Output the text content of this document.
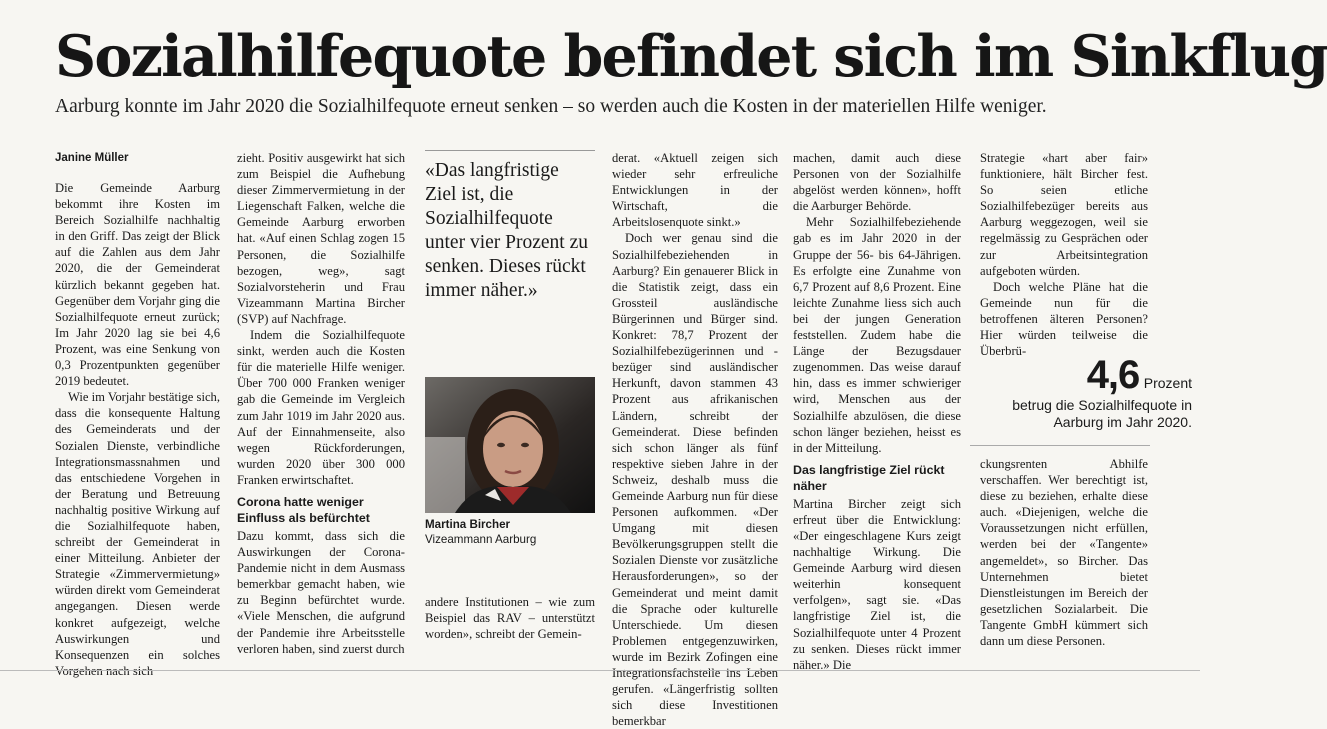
Sozialhilfequote befindet sich im Sinkflug
Aarburg konnte im Jahr 2020 die Sozialhilfequote erneut senken – so werden auch die Kosten in der materiellen Hilfe weniger.
Janine Müller

Die Gemeinde Aarburg bekommt ihre Kosten im Bereich Sozialhilfe nachhaltig in den Griff. Das zeigt der Blick auf die Zahlen aus dem Jahr 2020, die der Gemeinderat kürzlich bekannt gegeben hat. Gegenüber dem Vorjahr ging die Sozialhilfequote erneut zurück; Im Jahr 2020 lag sie bei 4,6 Prozent, was eine Senkung von 0,3 Prozentpunkten gegenüber 2019 bedeutet.

Wie im Vorjahr bestätige sich, dass die konsequente Haltung des Gemeinderats und der Sozialen Dienste, verbindliche Integrationsmassnahmen und das entschiedene Vorgehen in der Beratung und Betreuung nachhaltig positive Wirkung auf die Sozialhilfequote haben, schreibt der Gemeinderat in einer Mitteilung. Anbieter der Strategie «Zimmervermietung» würden direkt vom Gemeinderat angegangen. Diesen werde konkret aufgezeigt, welche Auswirkungen und Konsequenzen ein solches Vorgehen nach sich

zieht. Positiv ausgewirkt hat sich zum Beispiel die Aufhebung dieser Zimmervermietung in der Liegenschaft Falken, welche die Gemeinde Aarburg erworben hat. «Auf einen Schlag zogen 15 Personen, die Sozialhilfe bezogen, weg», sagt Sozialvorsteherin und Frau Vizeammann Martina Bircher (SVP) auf Nachfrage.

Indem die Sozialhilfequote sinkt, werden auch die Kosten für die materielle Hilfe weniger. Über 700 000 Franken weniger gab die Gemeinde im Vergleich zum Jahr 1019 im Jahr 2020 aus. Auf der Einnahmenseite, also wegen Rückforderungen, wurden 2020 über 300 000 Franken erwirtschaftet.

Corona hatte weniger Einfluss als befürchtet

Dazu kommt, dass sich die Auswirkungen der Corona-Pandemie nicht in dem Ausmass bemerkbar gemacht haben, wie zu Beginn befürchtet wurde. «Viele Menschen, die aufgrund der Pandemie ihre Arbeitsstelle verloren haben, sind zuerst durch

«Das langfristige Ziel ist, die Sozialhilfequote unter vier Prozent zu senken. Dieses rückt immer näher.»
Martina Bircher
Vizeammann Aarburg
andere Institutionen – wie zum Beispiel das RAV – unterstützt worden», schreibt der Gemein-

derat. «Aktuell zeigen sich wieder sehr erfreuliche Entwicklungen in der Wirtschaft, die Arbeitslosenquote sinkt.»

Doch wer genau sind die Sozialhilfebeziehenden in Aarburg? Ein genauerer Blick in die Statistik zeigt, dass ein Grossteil ausländische Bürgerinnen und Bürger sind. Konkret: 78,7 Prozent der Sozialhilfebezügerinnen und -bezüger sind ausländischer Herkunft, davon stammen 43 Prozent aus afrikanischen Ländern, schreibt der Gemeinderat. Diese befinden sich schon länger als fünf respektive sieben Jahre in der Schweiz, deshalb muss die Gemeinde Aarburg nun für diese Personen aufkommen. «Der Umgang mit diesen Bevölkerungsgruppen stellt die Sozialen Dienste vor zusätzliche Herausforderungen», so der Gemeinderat und meint damit die Sprache oder kulturelle Unterschiede. Um diesen Problemen entgegenzuwirken, wurde im Bezirk Zofingen eine Integrationsfachstelle ins Leben gerufen. «Längerfristig sollten sich diese Investitionen bemerkbar

machen, damit auch diese Personen von der Sozialhilfe abgelöst werden können», hofft die Aarburger Behörde.

Mehr Sozialhilfebeziehende gab es im Jahr 2020 in der Gruppe der 56- bis 64-Jährigen. Es erfolgte eine Zunahme von 6,7 Prozent auf 8,6 Prozent. Eine leichte Zunahme liess sich auch bei der jungen Generation feststellen. Zudem habe die Länge der Bezugsdauer zugenommen. Das weise darauf hin, dass es immer schwieriger wird, Menschen aus der Sozialhilfe abzulösen, die diese schon länger beziehen, heisst es in der Mitteilung.

Das langfristige Ziel rückt näher

Martina Bircher zeigt sich erfreut über die Entwicklung: «Der eingeschlagene Kurs zeigt nachhaltige Wirkung. Die Gemeinde Aarburg wird diesen weiterhin konsequent verfolgen», sagt sie. «Das langfristige Ziel ist, die Sozialhilfequote unter 4 Prozent zu senken. Dieses rückt immer näher.» Die

Strategie «hart aber fair» funktioniere, hält Bircher fest. So seien etliche Sozialhilfebezüger bereits aus Aarburg weggezogen, weil sie regelmässig zu Gesprächen oder zur Arbeitsintegration aufgeboten würden.

Doch welche Pläne hat die Gemeinde nun für die betroffenen älteren Personen? Hier würden teilweise die Überbrü-

4,6 Prozent
betrug die Sozialhilfequote in Aarburg im Jahr 2020.

ckungsrenten Abhilfe verschaffen. Wer berechtigt ist, diese zu beziehen, erhalte diese auch. «Diejenigen, welche die Voraussetzungen nicht erfüllen, werden bei der «Tangente» angemeldet», so Bircher. Das Unternehmen bietet Dienstleistungen im Bereich der gesetzlichen Sozialarbeit. Die Tangente GmbH kümmert sich dann um diese Personen.
